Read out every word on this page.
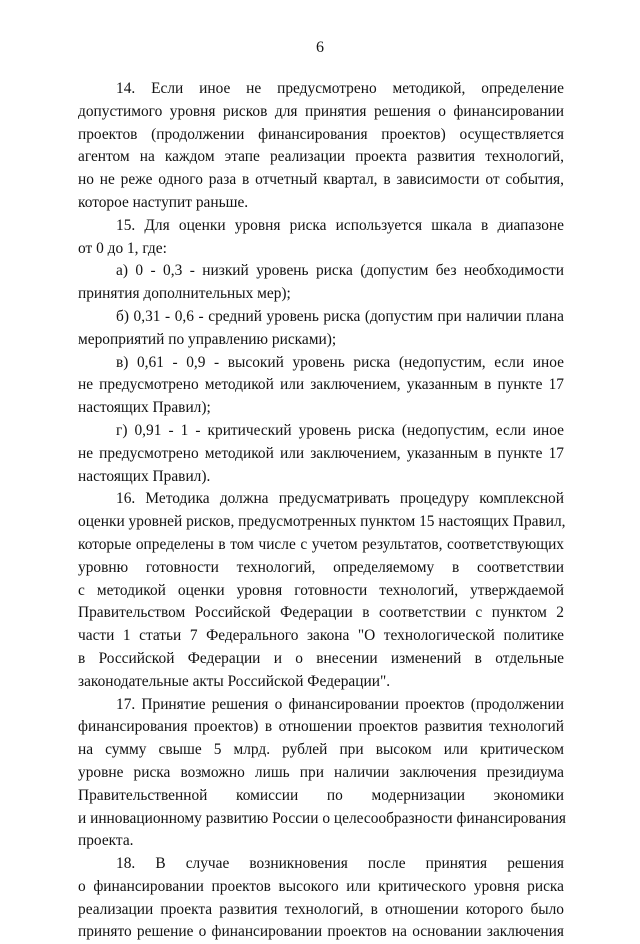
6
14. Если иное не предусмотрено методикой, определение
допустимого уровня рисков для принятия решения о финансировании
проектов (продолжении финансирования проектов) осуществляется
агентом на каждом этапе реализации проекта развития технологий,
но не реже одного раза в отчетный квартал, в зависимости от события,
которое наступит раньше.
15. Для оценки уровня риска используется шкала в диапазоне
от 0 до 1, где:
а) 0 - 0,3 - низкий уровень риска (допустим без необходимости
принятия дополнительных мер);
б) 0,31 - 0,6 - средний уровень риска (допустим при наличии плана
мероприятий по управлению рисками);
в) 0,61 - 0,9 - высокий уровень риска (недопустим, если иное
не предусмотрено методикой или заключением, указанным в пункте 17
настоящих Правил);
г) 0,91 - 1 - критический уровень риска (недопустим, если иное
не предусмотрено методикой или заключением, указанным в пункте 17
настоящих Правил).
16. Методика должна предусматривать процедуру комплексной
оценки уровней рисков, предусмотренных пунктом 15 настоящих Правил,
которые определены в том числе с учетом результатов, соответствующих
уровню готовности технологий, определяемому в соответствии
с методикой оценки уровня готовности технологий, утверждаемой
Правительством Российской Федерации в соответствии с пунктом 2
части 1 статьи 7 Федерального закона "О технологической политике
в Российской Федерации и о внесении изменений в отдельные
законодательные акты Российской Федерации".
17. Принятие решения о финансировании проектов (продолжении
финансирования проектов) в отношении проектов развития технологий
на сумму свыше 5 млрд. рублей при высоком или критическом
уровне риска возможно лишь при наличии заключения президиума
Правительственной комиссии по модернизации экономики
и инновационному развитию России о целесообразности финансирования
проекта.
18. В случае возникновения после принятия решения
о финансировании проектов высокого или критического уровня риска
реализации проекта развития технологий, в отношении которого было
принято решение о финансировании проектов на основании заключения
